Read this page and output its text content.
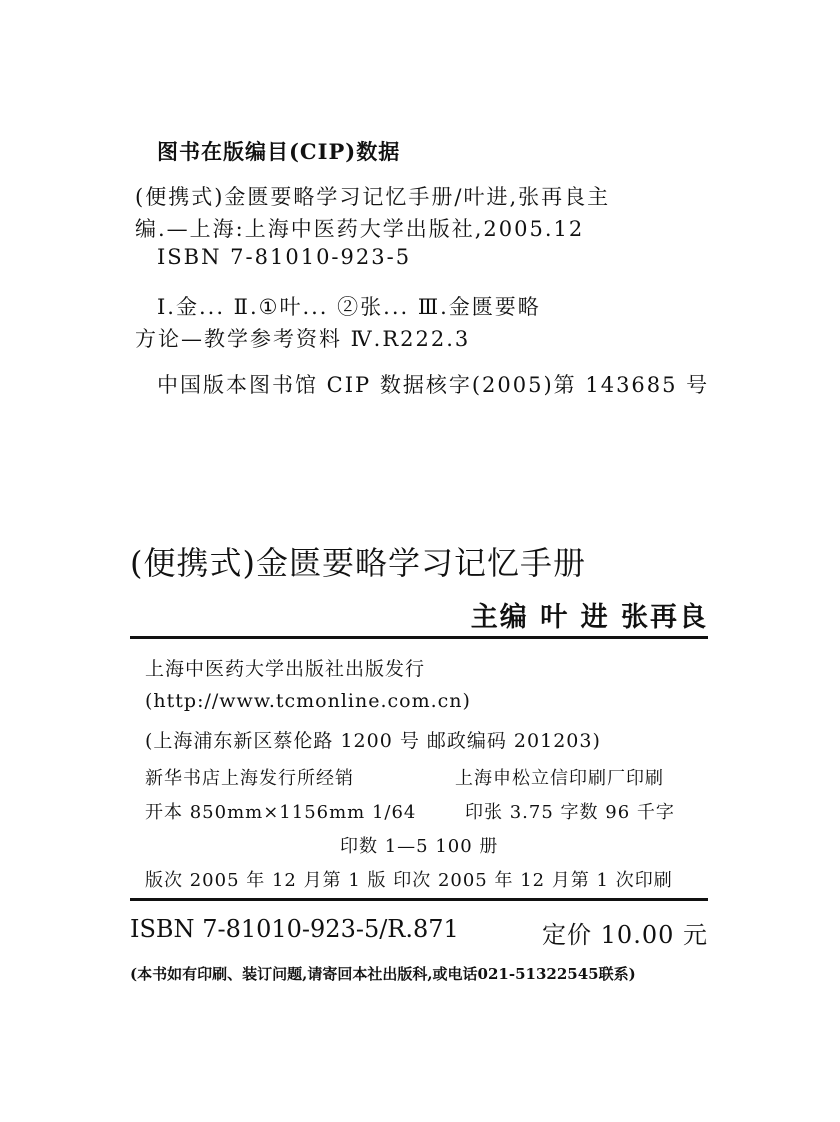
图书在版编目(CIP)数据
(便携式)金匮要略学习记忆手册/叶进,张再良主
编.—上海:上海中医药大学出版社,2005.12
ISBN 7-81010-923-5
Ⅰ.金... Ⅱ.①叶... ②张... Ⅲ.金匮要略
方论—教学参考资料 Ⅳ.R222.3
中国版本图书馆 CIP 数据核字(2005)第 143685 号
(便携式)金匮要略学习记忆手册
主编 叶 进 张再良
上海中医药大学出版社出版发行
(http://www.tcmonline.com.cn)
(上海浦东新区蔡伦路 1200 号 邮政编码 201203)
新华书店上海发行所经销	上海申松立信印刷厂印刷
开本 850mm×1156mm 1/64	印张 3.75 字数 96 千字
印数 1—5 100 册
版次 2005 年 12 月第 1 版 印次 2005 年 12 月第 1 次印刷
ISBN 7-81010-923-5/R.871	定价 10.00 元
(本书如有印刷、装订问题,请寄回本社出版科,或电话021-51322545联系)
